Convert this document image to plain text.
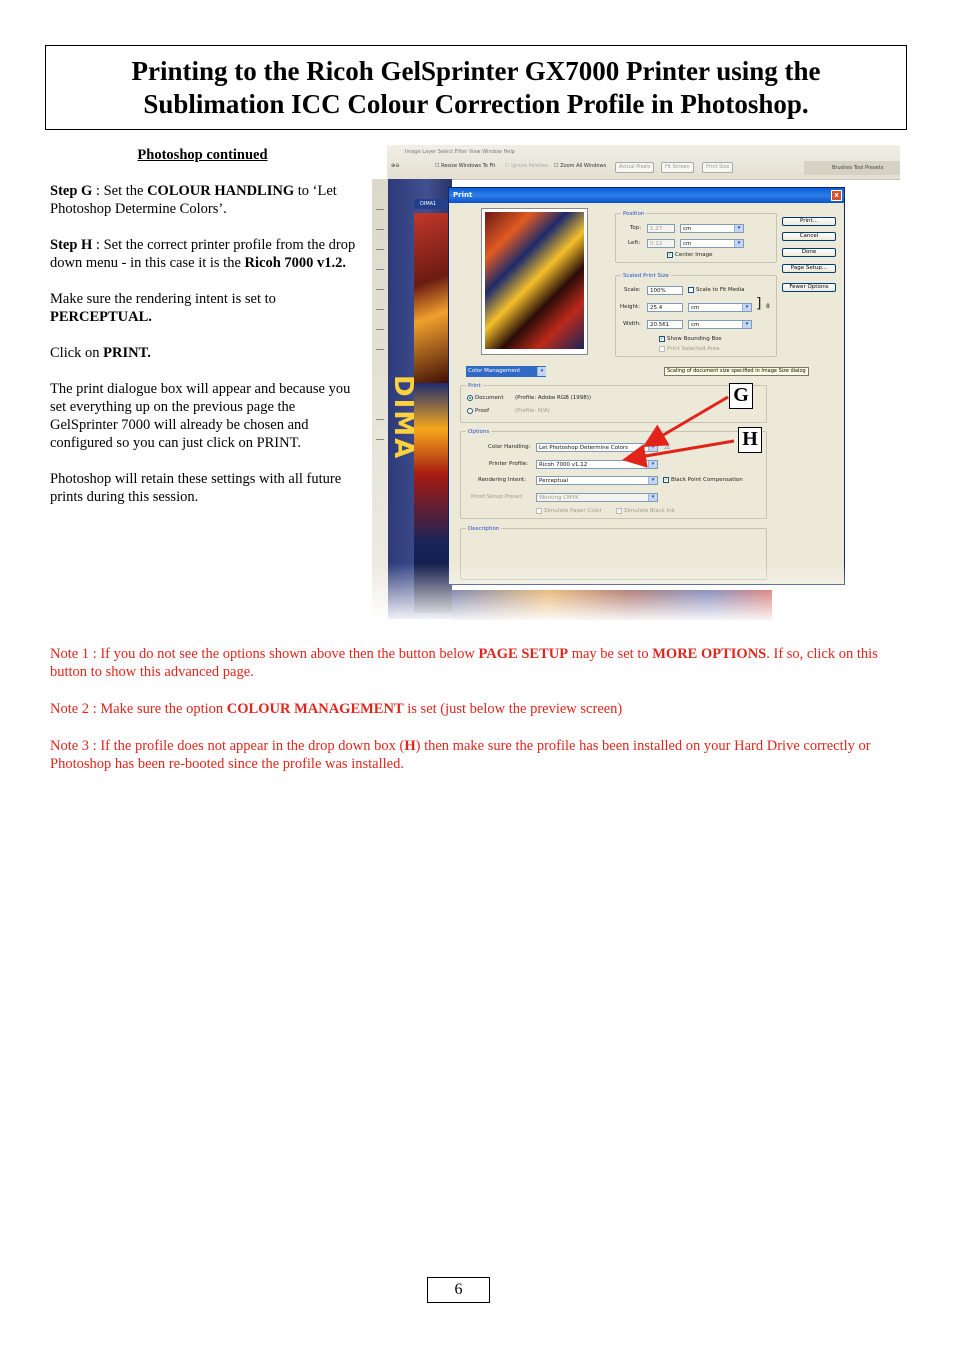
Printing to the Ricoh GelSprinter GX7000 Printer using the
Sublimation ICC Colour Correction Profile in Photoshop.
Photoshop continued

Step G : Set the COLOUR HANDLING to ‘Let Photoshop Determine Colors’.

Step H : Set the correct printer profile from the drop down menu - in this case it is the Ricoh 7000 v1.2.

Make sure the rendering intent is set to PERCEPTUAL.

Click on PRINT.

The print dialogue box will appear and because you set everything up on the previous page the GelSprinter 7000 will already be chosen and configured so you can just click on PRINT.

Photoshop will retain these settings with all future prints during this session.

Image Layer Select Filter View Window Help
⊕⊖	☐ Resize Windows To Fit ☐ Ignore Palettes ☐ Zoom All Windows	Actual Pixels	Fit Screen	Print Size	Brushes Tool Presets
DIMA1
DIMA
Print	x
Position
Top:	1.27	cm	▾
Left:	0.12	cm	▾
✓ Center Image
Scaled Print Size
Scale:	100%	Scale to Fit Media
Height:	25.4	cm	▾
Width:	20.561	cm	▾
] 8
✓ Show Bounding Box
Print Selected Area
Print...
Cancel
Done
Page Setup...
Fewer Options
Color Management	▾	Scaling of document size specified in Image Size dialog
Print
Document (Profile: Adobe RGB (1998))
Proof	(Profile: N/A)
Options
Color Handling:	Let Photoshop Determine Colors	▾	⚠
Printer Profile:	Ricoh 7000 v1.12	▾
Rendering Intent:	Perceptual	▾	✓ Black Point Compensation
Proof Setup Preset:	Working CMYK	▾
Simulate Paper Color	✓ Simulate Black Ink
Description
G
H

Note 1 : If you do not see the options shown above then the button below PAGE SETUP may be set to MORE OPTIONS. If so, click on this button to show this advanced page.

Note 2 : Make sure the option COLOUR MANAGEMENT is set (just below the preview screen)

Note 3 : If the profile does not appear in the drop down box (H) then make sure the profile has been installed on your Hard Drive correctly or Photoshop has been re-booted since the profile was installed.

6
